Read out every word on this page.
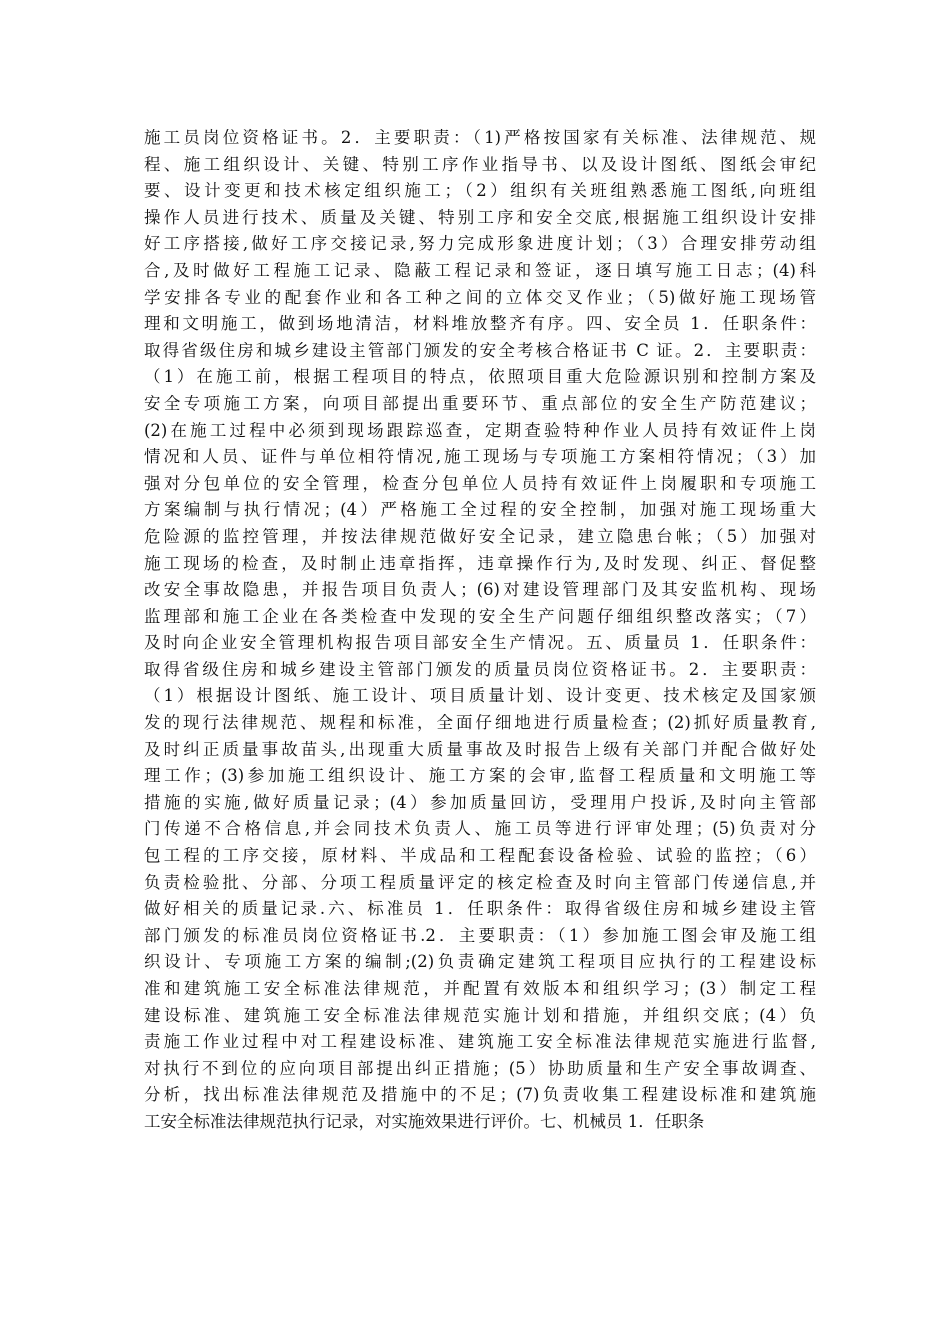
施工员岗位资格证书。2．主要职责：（1)严格按国家有关标准、法律规范、规
程、施工组织设计、关键、特别工序作业指导书、以及设计图纸、图纸会审纪
要、设计变更和技术核定组织施工；（2）组织有关班组熟悉施工图纸,向班组
操作人员进行技术、质量及关键、特别工序和安全交底,根据施工组织设计安排
好工序搭接,做好工序交接记录,努力完成形象进度计划；（3）合理安排劳动组
合,及时做好工程施工记录、隐蔽工程记录和签证，逐日填写施工日志；(4)科
学安排各专业的配套作业和各工种之间的立体交叉作业；（5)做好施工现场管
理和文明施工，做到场地清洁，材料堆放整齐有序。四、安全员 1．任职条件：
取得省级住房和城乡建设主管部门颁发的安全考核合格证书 C 证。2．主要职责：
（1）在施工前，根据工程项目的特点，依照项目重大危险源识别和控制方案及
安全专项施工方案，向项目部提出重要环节、重点部位的安全生产防范建议；
(2)在施工过程中必须到现场跟踪巡查，定期查验特种作业人员持有效证件上岗
情况和人员、证件与单位相符情况,施工现场与专项施工方案相符情况；（3）加
强对分包单位的安全管理，检查分包单位人员持有效证件上岗履职和专项施工
方案编制与执行情况；(4）严格施工全过程的安全控制，加强对施工现场重大
危险源的监控管理，并按法律规范做好安全记录，建立隐患台帐；（5）加强对
施工现场的检查，及时制止违章指挥，违章操作行为,及时发现、纠正、督促整
改安全事故隐患，并报告项目负责人；(6)对建设管理部门及其安监机构、现场
监理部和施工企业在各类检查中发现的安全生产问题仔细组织整改落实；（7）
及时向企业安全管理机构报告项目部安全生产情况。五、质量员 1．任职条件：
取得省级住房和城乡建设主管部门颁发的质量员岗位资格证书。2．主要职责：
（1）根据设计图纸、施工设计、项目质量计划、设计变更、技术核定及国家颁
发的现行法律规范、规程和标准，全面仔细地进行质量检查；(2)抓好质量教育,
及时纠正质量事故苗头,出现重大质量事故及时报告上级有关部门并配合做好处
理工作；(3)参加施工组织设计、施工方案的会审,监督工程质量和文明施工等
措施的实施,做好质量记录；(4）参加质量回访，受理用户投诉,及时向主管部
门传递不合格信息,并会同技术负责人、施工员等进行评审处理；(5)负责对分
包工程的工序交接，原材料、半成品和工程配套设备检验、试验的监控；（6）
负责检验批、分部、分项工程质量评定的核定检查及时向主管部门传递信息,并
做好相关的质量记录.六、标准员 1．任职条件：取得省级住房和城乡建设主管
部门颁发的标准员岗位资格证书.2．主要职责：（1）参加施工图会审及施工组
织设计、专项施工方案的编制;(2)负责确定建筑工程项目应执行的工程建设标
准和建筑施工安全标准法律规范，并配置有效版本和组织学习；(3）制定工程
建设标准、建筑施工安全标准法律规范实施计划和措施，并组织交底；(4）负
责施工作业过程中对工程建设标准、建筑施工安全标准法律规范实施进行监督,
对执行不到位的应向项目部提出纠正措施；(5）协助质量和生产安全事故调查、
分析，找出标准法律规范及措施中的不足；(7)负责收集工程建设标准和建筑施
工安全标准法律规范执行记录，对实施效果进行评价。七、机械员 1．任职条
